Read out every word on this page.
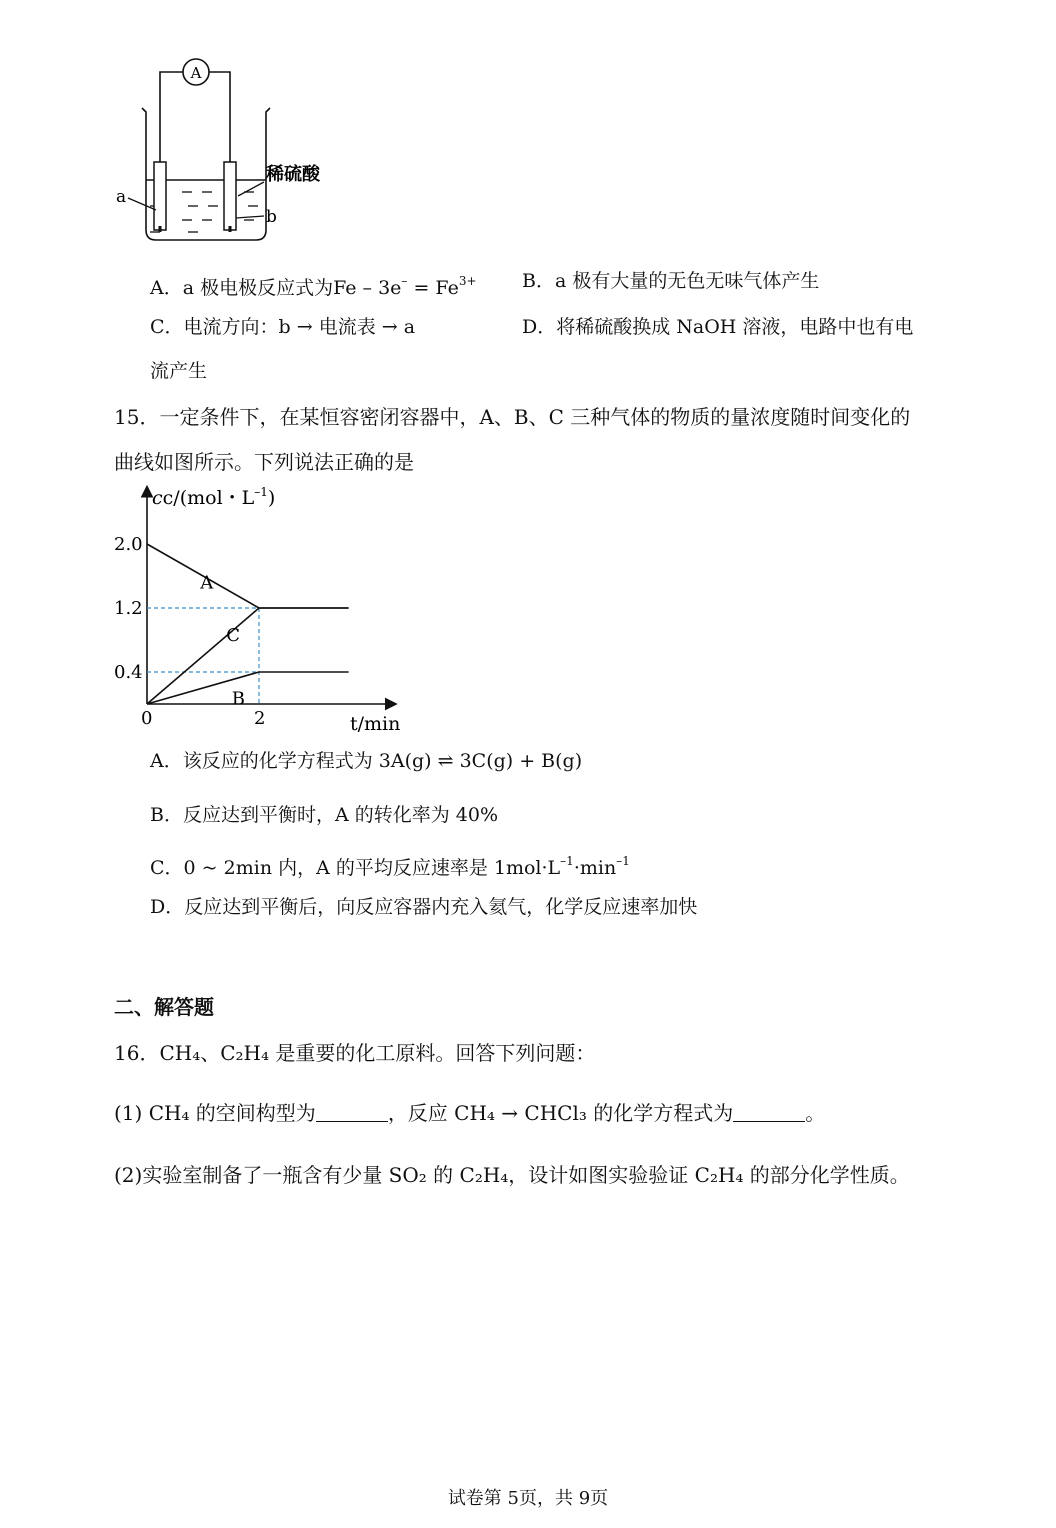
A
稀硫酸
a
b
A．a 极电极反应式为$Fe - 3e^- = Fe^{3+}$ B．a 极有大量的无色无味气体产生
C．电流方向：b → 电流表 → a	D．将稀硫酸换成 NaOH 溶液，电路中也有电
流产生
15．一定条件下，在某恒容密闭容器中，A、B、C 三种气体的物质的量浓度随时间变化的
曲线如图所示。下列说法正确的是
cc/(mol・$L^{-1}$)
t/min
0
2.0
1.2
0.4
2
A
C
B
A．该反应的化学方程式为 3A(g) ⇌ 3C(g) + B(g)
B．反应达到平衡时，A 的转化率为 40%
C．0 ~ 2min 内，A 的平均反应速率是 $1mol\cdot L^{-1}\cdot\min^{-1}$
D．反应达到平衡后，向反应容器内充入氦气，化学反应速率加快
二、解答题
16．CH₄、C₂H₄ 是重要的化工原料。回答下列问题：
(1) CH₄ 的空间构型为	，反应 CH₄ → CHCl₃ 的化学方程式为	。
(2)实验室制备了一瓶含有少量 SO₂ 的 C₂H₄，设计如图实验验证 C₂H₄ 的部分化学性质。
试卷第 5页，共 9页
